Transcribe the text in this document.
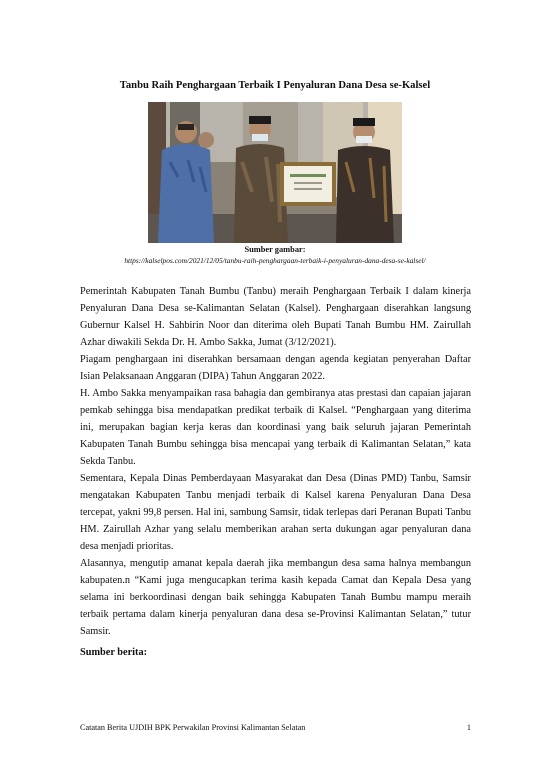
Tanbu Raih Penghargaan Terbaik I Penyaluran Dana Desa se-Kalsel
Sumber gambar:
https://kalselpos.com/2021/12/05/tanbu-raih-penghargaan-terbaik-i-penyaluran-dana-desa-se-kalsel/

Pemerintah Kabupaten Tanah Bumbu (Tanbu) meraih Penghargaan Terbaik I dalam kinerja Penyaluran Dana Desa se-Kalimantan Selatan (Kalsel). Penghargaan diserahkan langsung Gubernur Kalsel H. Sahbirin Noor dan diterima oleh Bupati Tanah Bumbu HM. Zairullah Azhar diwakili Sekda Dr. H. Ambo Sakka, Jumat (3/12/2021).

Piagam penghargaan ini diserahkan bersamaan dengan agenda kegiatan penyerahan Daftar Isian Pelaksanaan Anggaran (DIPA) Tahun Anggaran 2022.

H. Ambo Sakka menyampaikan rasa bahagia dan gembiranya atas prestasi dan capaian jajaran pemkab sehingga bisa mendapatkan predikat terbaik di Kalsel. “Penghargaan yang diterima ini, merupakan bagian kerja keras dan koordinasi yang baik seluruh jajaran Pemerintah Kabupaten Tanah Bumbu sehingga bisa mencapai yang terbaik di Kalimantan Selatan,” kata Sekda Tanbu.

Sementara, Kepala Dinas Pemberdayaan Masyarakat dan Desa (Dinas PMD) Tanbu, Samsir mengatakan Kabupaten Tanbu menjadi terbaik di Kalsel karena Penyaluran Dana Desa tercepat, yakni 99,8 persen. Hal ini, sambung Samsir, tidak terlepas dari Peranan Bupati Tanbu HM. Zairullah Azhar yang selalu memberikan arahan serta dukungan agar penyaluran dana desa menjadi prioritas.

Alasannya, mengutip amanat kepala daerah jika membangun desa sama halnya membangun kabupaten.n “Kami juga mengucapkan terima kasih kepada Camat dan Kepala Desa yang selama ini berkoordinasi dengan baik sehingga Kabupaten Tanah Bumbu mampu meraih terbaik pertama dalam kinerja penyaluran dana desa se-Provinsi Kalimantan Selatan,” tutur Samsir.

Sumber berita:
Catatan Berita UJDIH BPK Perwakilan Provinsi Kalimantan Selatan	1
